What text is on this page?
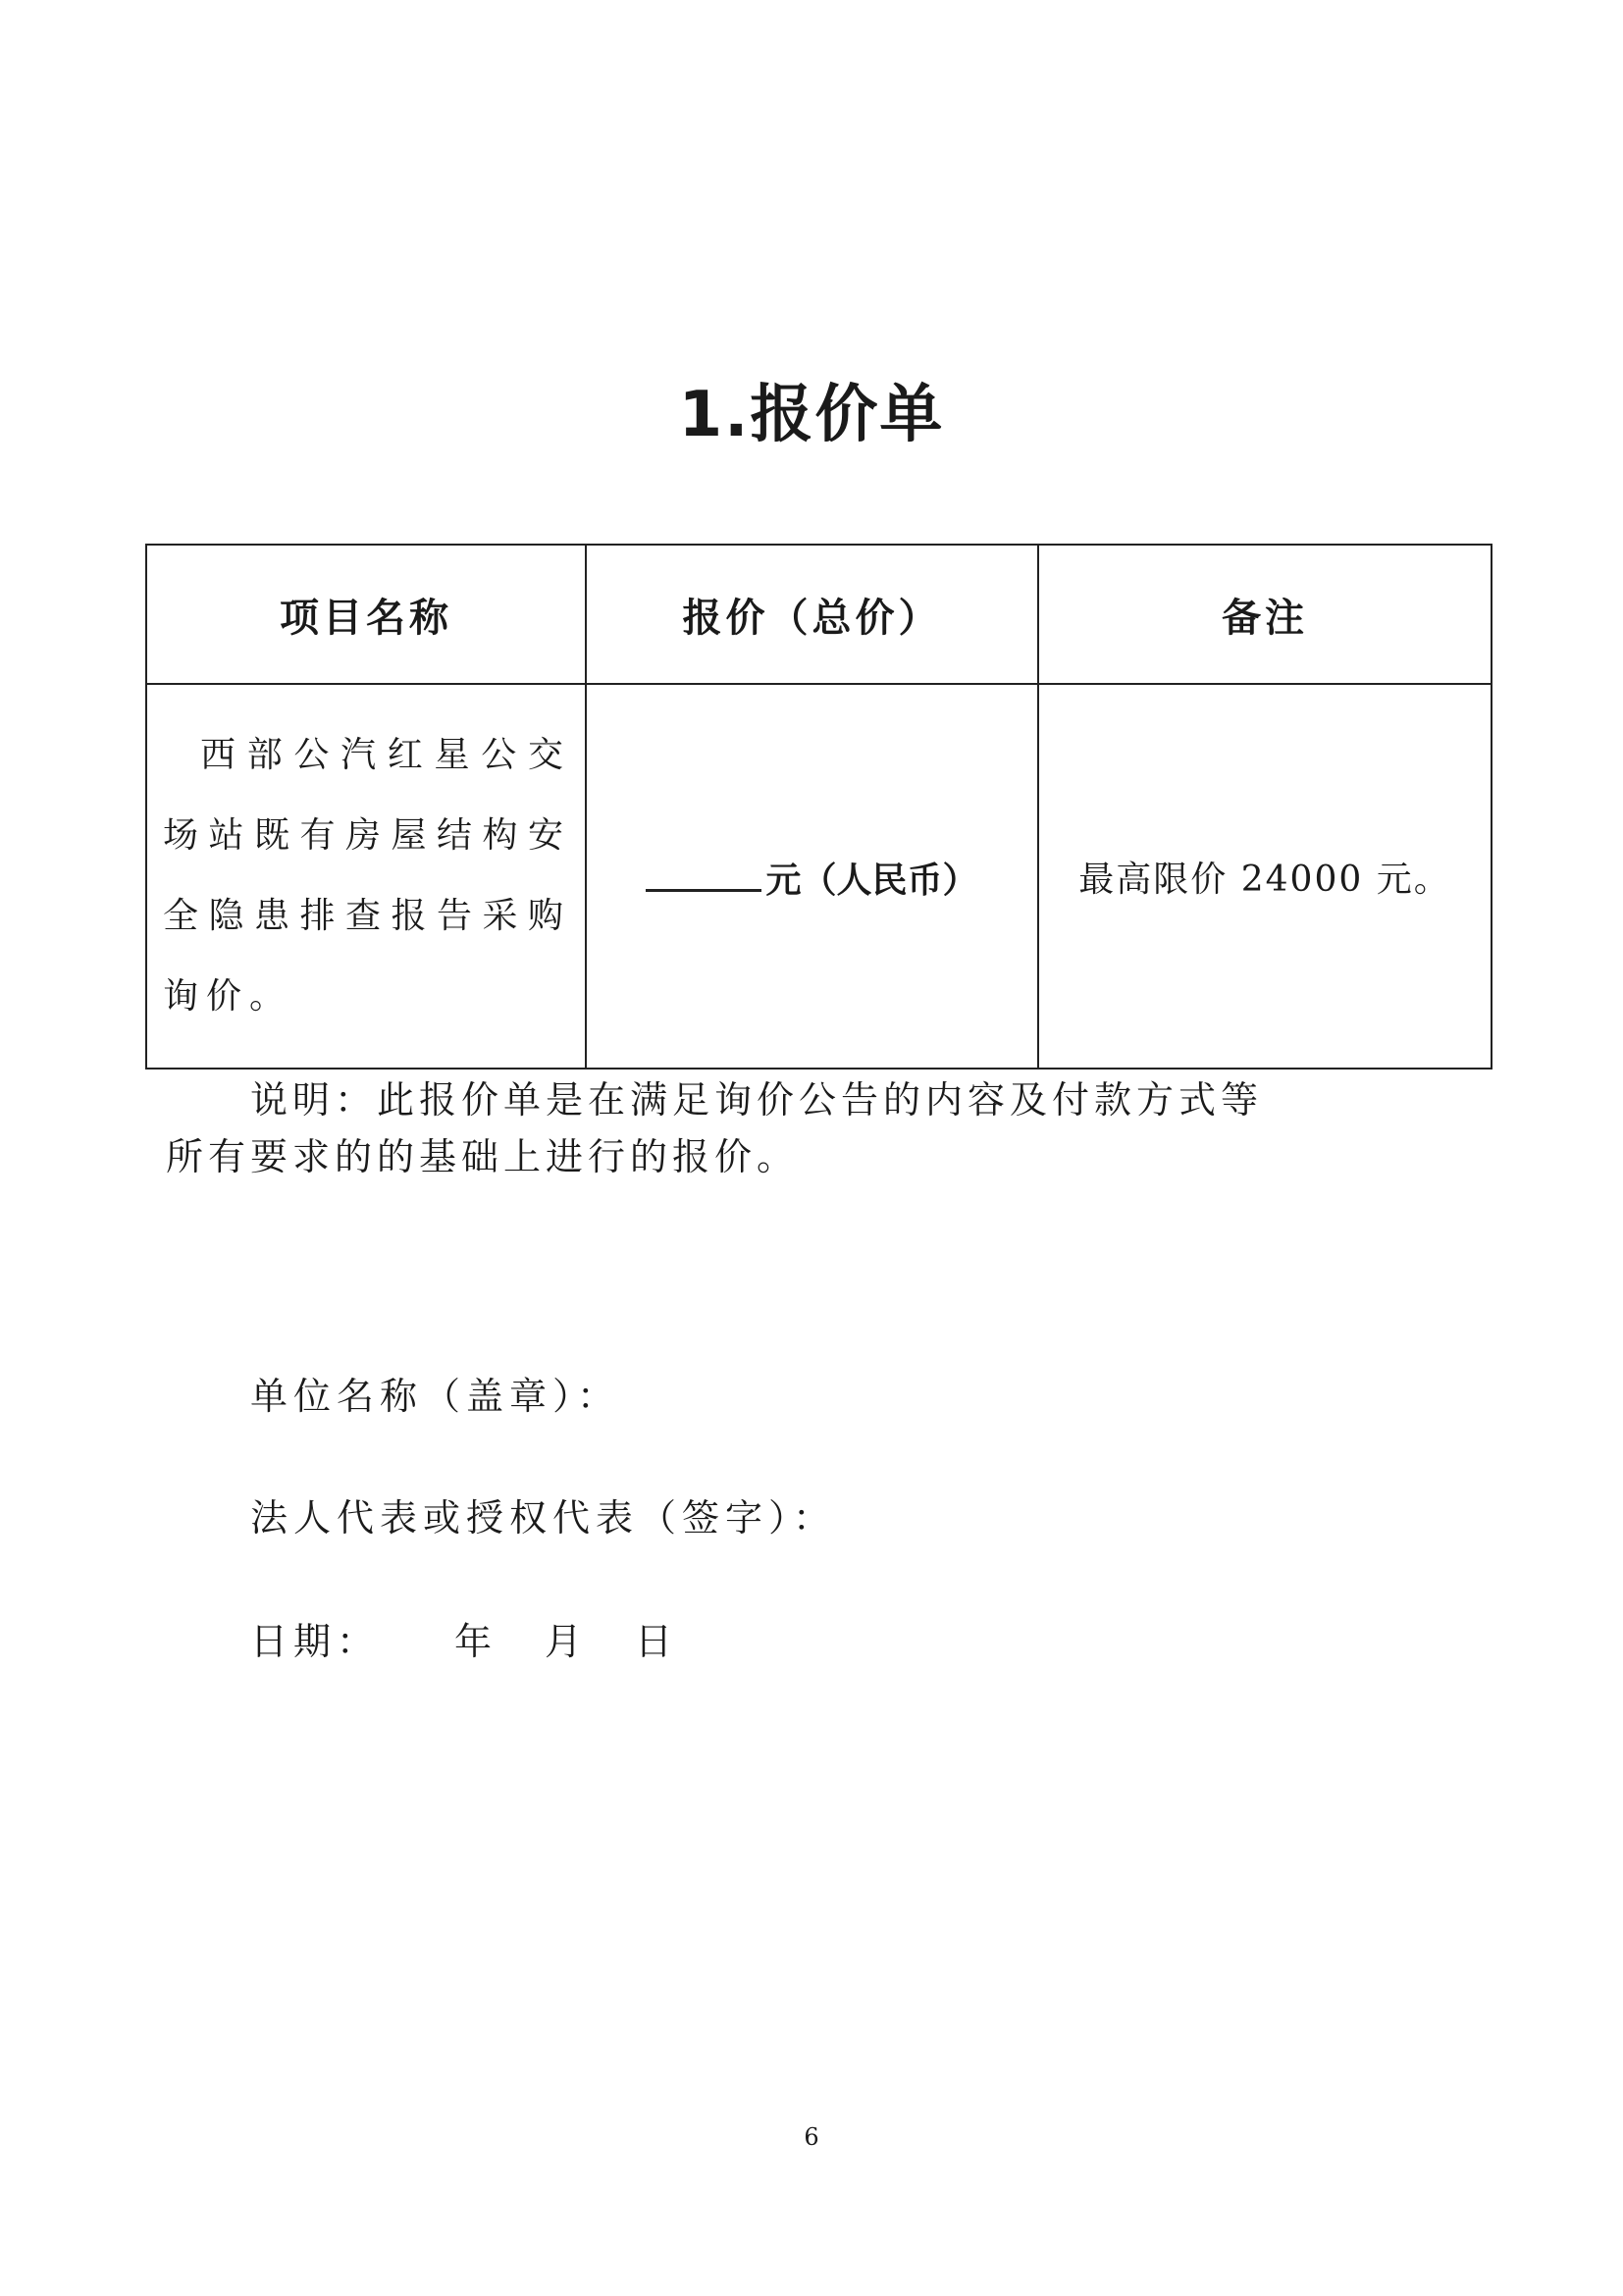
1.报价单
项目名称	报价（总价）	备注
西部公汽红星公交场站既有房屋结构安全隐患排查报告采购询价。	元（人民币）	最高限价 24000 元。
说明：此报价单是在满足询价公告的内容及付款方式等
所有要求的的基础上进行的报价。
单位名称（盖章）：
法人代表或授权代表（签字）：
日期： 年 月 日
6
